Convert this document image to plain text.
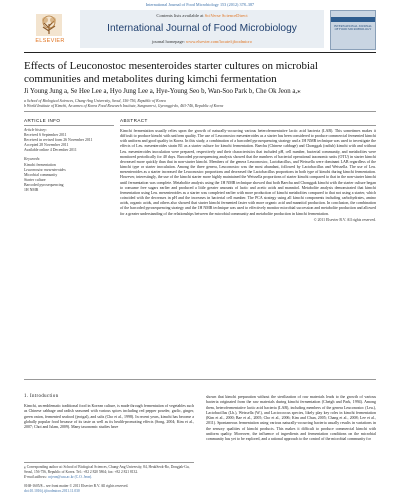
International Journal of Food Microbiology 153 (2012) 378–387
ELSEVIER
Contents lists available at SciVerse ScienceDirect
International Journal of Food Microbiology
journal homepage: www.elsevier.com/locate/ijfoodmicro
INTERNATIONAL JOURNAL OF FOOD MICROBIOLOGY
Effects of Leuconostoc mesenteroides starter cultures on microbial communities and metabolites during kimchi fermentation
Ji Young Jung a, Se Hee Lee a, Hyo Jung Lee a, Hye-Young Seo b, Wan-Soo Park b, Che Ok Jeon a,⁎
a School of Biological Sciences, Chung-Ang University, Seoul, 156-756, Republic of Korea
b World Institute of Kimchi, An annex of Korea Food Research Institute, Sungnam-si, Gyeonggi-do, 463-746, Republic of Korea
ARTICLE INFO
Article history:
Received 6 September 2011
Received in revised form 26 November 2011
Accepted 28 November 2011
Available online 4 December 2011
Keywords:
Kimchi fermentation
Leuconostoc mesenteroides
Microbial community
Starter culture
Barcoded pyrosequencing
1H NMR
ABSTRACT
Kimchi fermentation usually relies upon the growth of naturally-occurring various heterofermentative lactic acid bacteria (LAB). This sometimes makes it difficult to produce kimchi with uniform quality. The use of Leuconostoc mesenteroides as a starter has been considered to produce commercial fermented kimchi with uniform and good quality in Korea. In this study, a combination of a barcoded pyrosequencing strategy and a 1H NMR technique was used to investigate the effects of Leu. mesenteroides strain B1 as a starter culture for kimchi fermentation. Baechu (Chinese cabbage) and Chonggak (radish) kimchi with and without Leu. mesenteroides inoculation were prepared, respectively and their characteristics that included pH, cell number, bacterial community, and metabolites were monitored periodically for 40 days. Barcoded pyrosequencing analysis showed that the numbers of bacterial operational taxonomic units (OTU) in starter kimchi decreased more quickly than that in non-starter kimchi. Members of the genera Leuconostoc, Lactobacillus, and Weissella were dominant LAB regardless of the kimchi type or starter inoculation. Among the three genera, Leuconostoc was the most abundant, followed by Lactobacillus and Weissella. The use of Leu. mesenteroides as a starter increased the Leuconostoc proportions and decreased the Lactobacillus proportions in both type of kimchi during kimchi fermentation. However, interestingly, the use of the kimchi starter more highly maintained the Weissella proportions of starter kimchi compared to that in the non-starter kimchi until fermentation was complete. Metabolite analysis using the 1H NMR technique showed that both Baechu and Chonggak kimchi with the starter culture began to consume free sugars earlier and produced a little greater amounts of lactic and acetic acids and mannitol. Metabolite analysis demonstrated that kimchi fermentation using Leu. mesenteroides as a starter was completed earlier with more production of kimchi metabolites compared to that not using a starter, which coincided with the decreases in pH and the increases in bacterial cell number. The PCA strategy using all kimchi components including carbohydrates, amino acids, organic acids, and others also showed that starter kimchi fermented faster with more organic acid and mannitol production. In conclusion, the combination of the barcoded pyrosequencing strategy and the 1H NMR technique was used to effectively monitor microbial succession and metabolite production and allowed for a greater understanding of the relationships between the microbial community and metabolite production in kimchi fermentation.
© 2011 Elsevier B.V. All rights reserved.
1. Introduction
Kimchi, an emblematic traditional food in Korean culture, is made through fermentation of vegetables such as Chinese cabbage and radish seasoned with various spices including red pepper powder, garlic, ginger, green onion, fermented seafood (jeotgal), and salts (Cho et al., 1998). In recent years, kimchi has become a globally popular food because of its taste as well as its health-promoting effects (Song, 2004; Kim et al., 2007; Choi and Islam, 2009). Many taxonomic studies have
shown that kimchi preparation without the sterilization of raw materials leads to the growth of various bacteria originated from the raw materials during kimchi fermentation (Cheigh and Park, 1994). Among them, heterofermentative lactic acid bacteria (LAB), including members of the genera Leuconostoc (Leu.), Lactobacillus (Lb.), Weissella (W.), and Lactococcus species, likely play key roles in kimchi fermentation (Kim et al., 2000; Bae et al., 2005; Cho et al., 2006; Kim and Chun, 2005; Chang et al., 2008; Lee et al., 2011). Spontaneous fermentation using various naturally-occurring bacteria usually results in variations in the sensory qualities of kimchi products. This makes it difficult to produce commercial kimchi with uniform quality. Moreover, the influence of ingredients and fermentation conditions on the microbial community has yet to be explored, and a rational approach to the control of the microbial community for
⁎ Corresponding author at: School of Biological Sciences, Chung-Ang University, 84, HeukSeok-Ro, Dongjak-Gu, Seoul, 156-756, Republic of Korea. Tel.: +82 2 820 5864; fax: +82 2 821 8132.
E-mail address: cojeon@cau.ac.kr (C.O. Jeon).
0168-1605/$ – see front matter © 2011 Elsevier B.V. All rights reserved.
doi:10.1016/j.ijfoodmicro.2011.11.030
